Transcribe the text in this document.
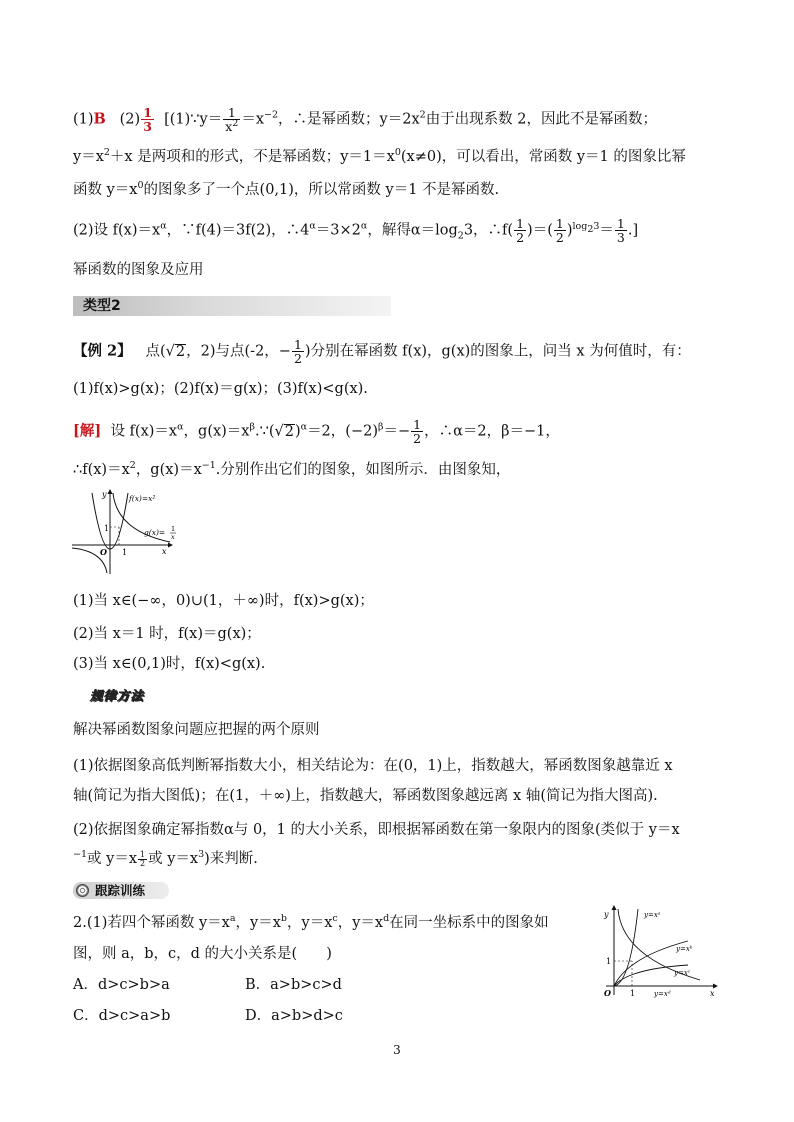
(1)B $(2) \frac{1}{3}$ [(1)∵y＝ $\frac{1}{x^2} =x^{-2}$，∴是幂函数；$y=2x^2$由于出现系数 2，因此不是幂函数；
$y=x^2+x$ 是两项和的形式，不是幂函数；$y=1=x^0(x\ne 0)$，可以看出，常函数 y＝1 的图象比幂
函数 $y=x^0$的图象多了一个点(0,1)，所以常函数 y＝1 不是幂函数.
(2)设 $f(x)=x^\alpha$，∵f(4)＝3f(2)，$\therefore 4^\alpha=3\times 2^\alpha$，解得$\alpha=\log_23$，∴f( $\frac{1}{2}$ )＝( $\frac{1}{2} )^{log_23}= \frac{1}{3}$ .]
幂函数的图象及应用
类型2
【例 2】 点(√2，2)与点(-2，− $\frac{1}{2}$ )分别在幂函数 f(x)，g(x)的图象上，问当 x 为何值时，有：
(1)f(x)>g(x)；(2)f(x)＝g(x)；(3)f(x)<g(x).
[解] 设 $f(x)=x^\alpha$，$g(x)=x^\beta.\because(√2)^\alpha=2$，$(-2)^\beta=- \frac{1}{2}$ ，∴α＝2，β＝−1，
$\therefore f(x)=x^2$，$g(x)=x^{-1}$.分别作出它们的图象，如图所示．由图象知，
y
x
O 1
1
f(x)=x²
g(x)= 1
x
(1)当 x∈(−∞，0)∪(1，＋∞)时，f(x)>g(x)；
(2)当 x＝1 时，f(x)＝g(x)；
(3)当 x∈(0,1)时，f(x)<g(x).
规律方法
解决幂函数图象问题应把握的两个原则
(1)依据图象高低判断幂指数大小，相关结论为：在(0，1)上，指数越大，幂函数图象越靠近 x
轴(简记为指大图低)；在(1，＋∞)上，指数越大，幂函数图象越远离 x 轴(简记为指大图高).
(2)依据图象确定幂指数α与 0，1 的大小关系，即根据幂函数在第一象限内的图象(类似于 y＝x
$^{-1}$或 $y=x \frac{1}{2}$ 或 $y=x^3$)来判断.
跟踪训练
2.(1)若四个幂函数 $y=x^a$，$y=x^b$，$y=x^c$，$y=x^d$在同一坐标系中的图象如
图，则 a，b，c，d 的大小关系是(　　)
A．d>c>b>a	B．a>b>c>d
C．d>c>a>b	D．a>b>d>c
y
x
O 1
1
y=xᵃ
y=xᵇ
y=xᶜ
y=xᵈ
3
